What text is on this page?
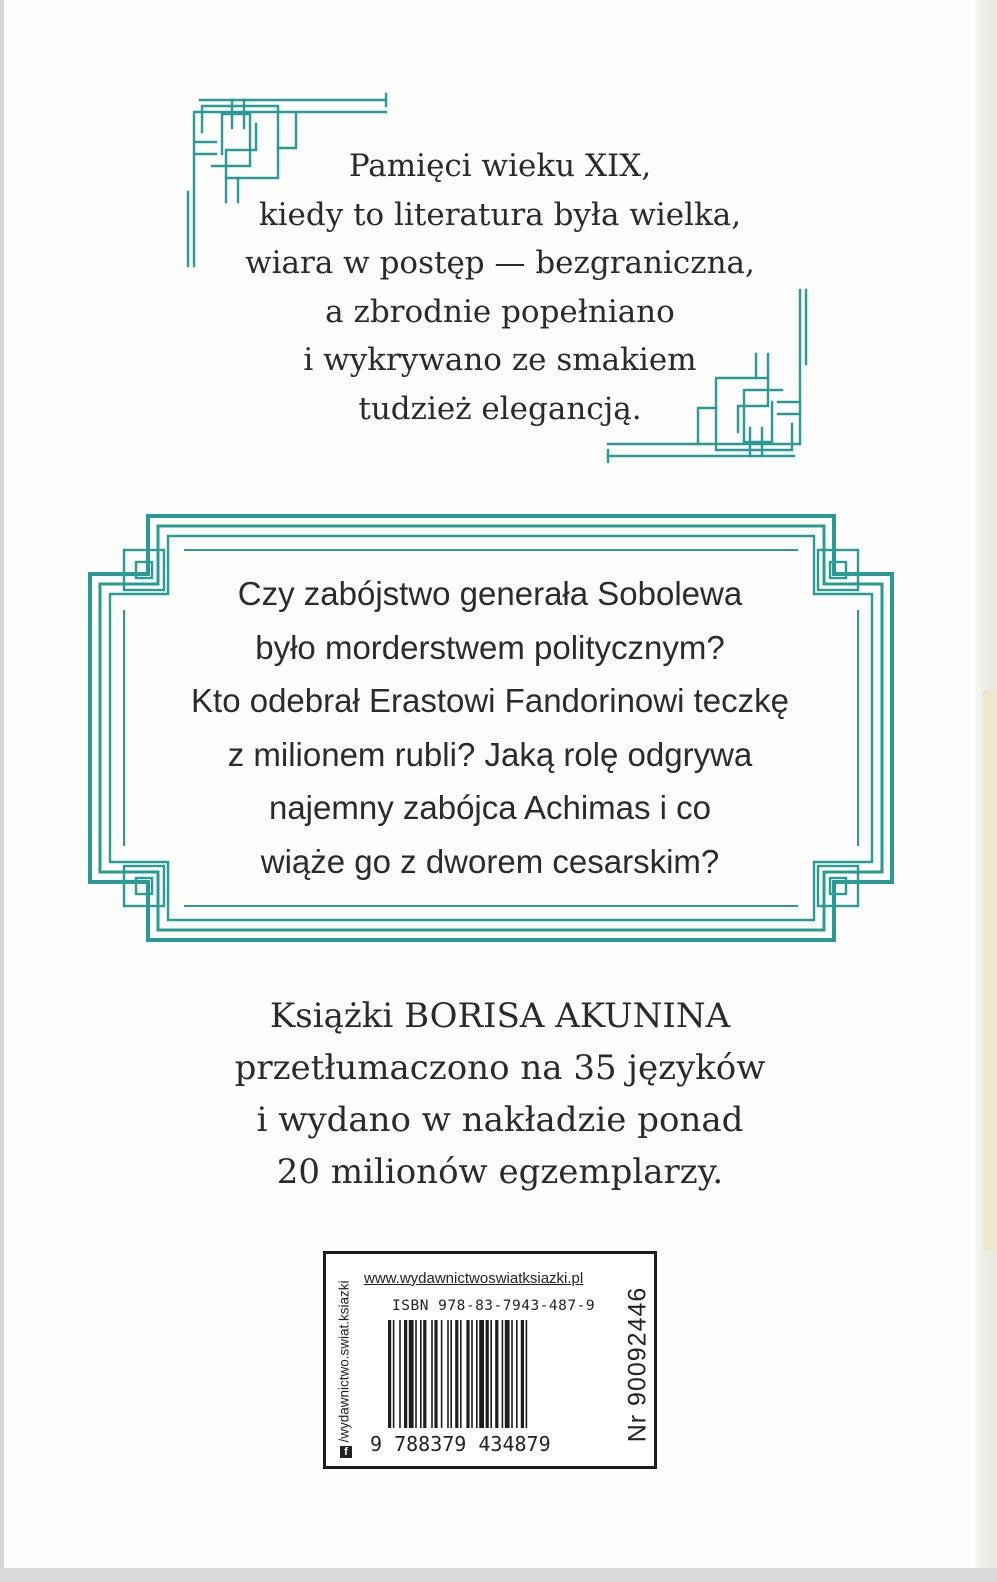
Pamięci wieku XIX,
kiedy to literatura była wielka,
wiara w postęp — bezgraniczna,
a zbrodnie popełniano
i wykrywano ze smakiem
tudzież elegancją.
Czy zabójstwo generała Sobolewa
było morderstwem politycznym?
Kto odebrał Erastowi Fandorinowi teczkę
z milionem rubli? Jaką rolę odgrywa
najemny zabójca Achimas i co
wiąże go z dworem cesarskim?
Książki BORISA AKUNINA
przetłumaczono na 35 języków
i wydano w nakładzie ponad
20 milionów egzemplarzy.
/wydawnictwo.swiat.ksiazki
f
www.wydawnictwoswiatksiazki.pl
ISBN 978-83-7943-487-9
9 788379 434879
Nr 90092446
